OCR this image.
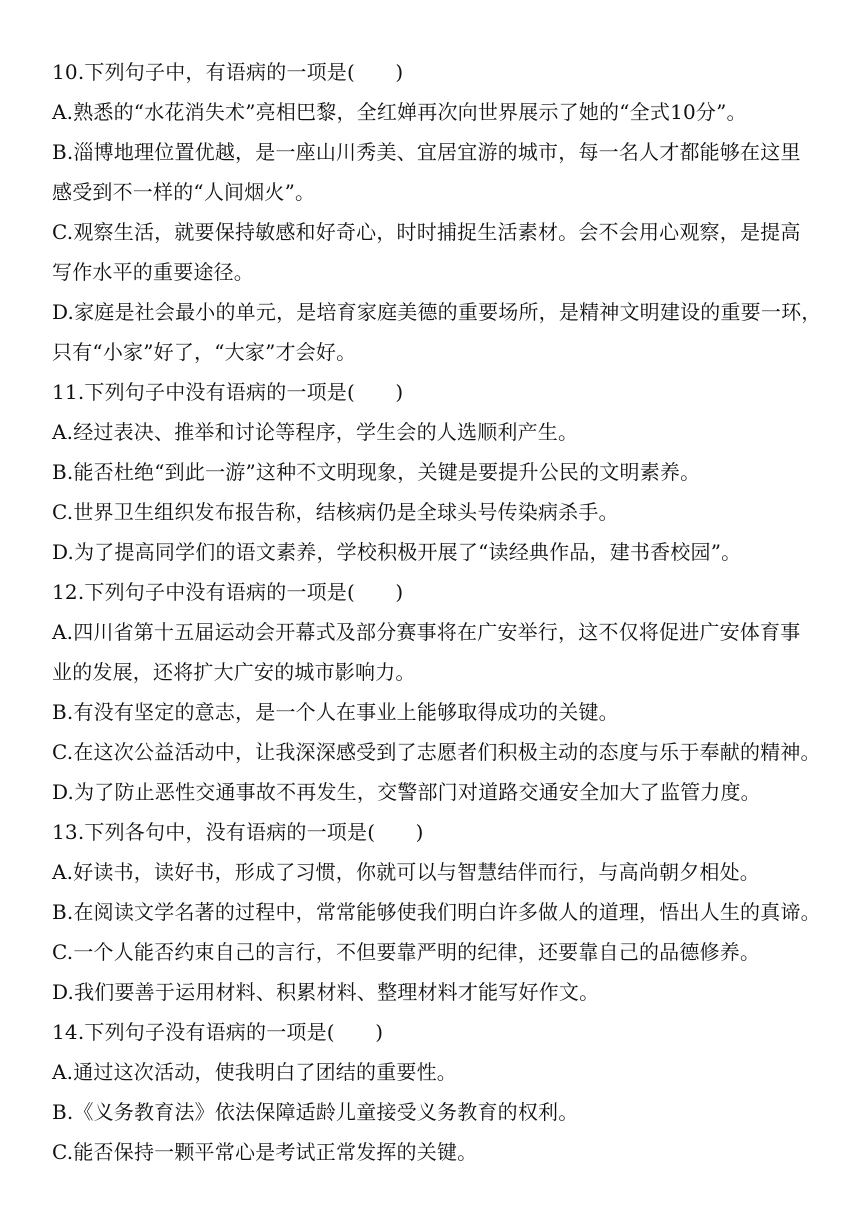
10.下列句子中，有语病的一项是(　　)
A.熟悉的“水花消失术”亮相巴黎，全红婵再次向世界展示了她的“全式10分”。
B.淄博地理位置优越，是一座山川秀美、宜居宜游的城市，每一名人才都能够在这里
感受到不一样的“人间烟火”。
C.观察生活，就要保持敏感和好奇心，时时捕捉生活素材。会不会用心观察，是提高
写作水平的重要途径。
D.家庭是社会最小的单元，是培育家庭美德的重要场所，是精神文明建设的重要一环，
只有“小家”好了，“大家”才会好。
11.下列句子中没有语病的一项是(　　)
A.经过表决、推举和讨论等程序，学生会的人选顺利产生。
B.能否杜绝“到此一游”这种不文明现象，关键是要提升公民的文明素养。
C.世界卫生组织发布报告称，结核病仍是全球头号传染病杀手。
D.为了提高同学们的语文素养，学校积极开展了“读经典作品，建书香校园”。
12.下列句子中没有语病的一项是(　　)
A.四川省第十五届运动会开幕式及部分赛事将在广安举行，这不仅将促进广安体育事
业的发展，还将扩大广安的城市影响力。
B.有没有坚定的意志，是一个人在事业上能够取得成功的关键。
C.在这次公益活动中，让我深深感受到了志愿者们积极主动的态度与乐于奉献的精神。
D.为了防止恶性交通事故不再发生，交警部门对道路交通安全加大了监管力度。
13.下列各句中，没有语病的一项是(　　)
A.好读书，读好书，形成了习惯，你就可以与智慧结伴而行，与高尚朝夕相处。
B.在阅读文学名著的过程中，常常能够使我们明白许多做人的道理，悟出人生的真谛。
C.一个人能否约束自己的言行，不但要靠严明的纪律，还要靠自己的品德修养。
D.我们要善于运用材料、积累材料、整理材料才能写好作文。
14.下列句子没有语病的一项是(　　)
A.通过这次活动，使我明白了团结的重要性。
B.《义务教育法》依法保障适龄儿童接受义务教育的权利。
C.能否保持一颗平常心是考试正常发挥的关键。
